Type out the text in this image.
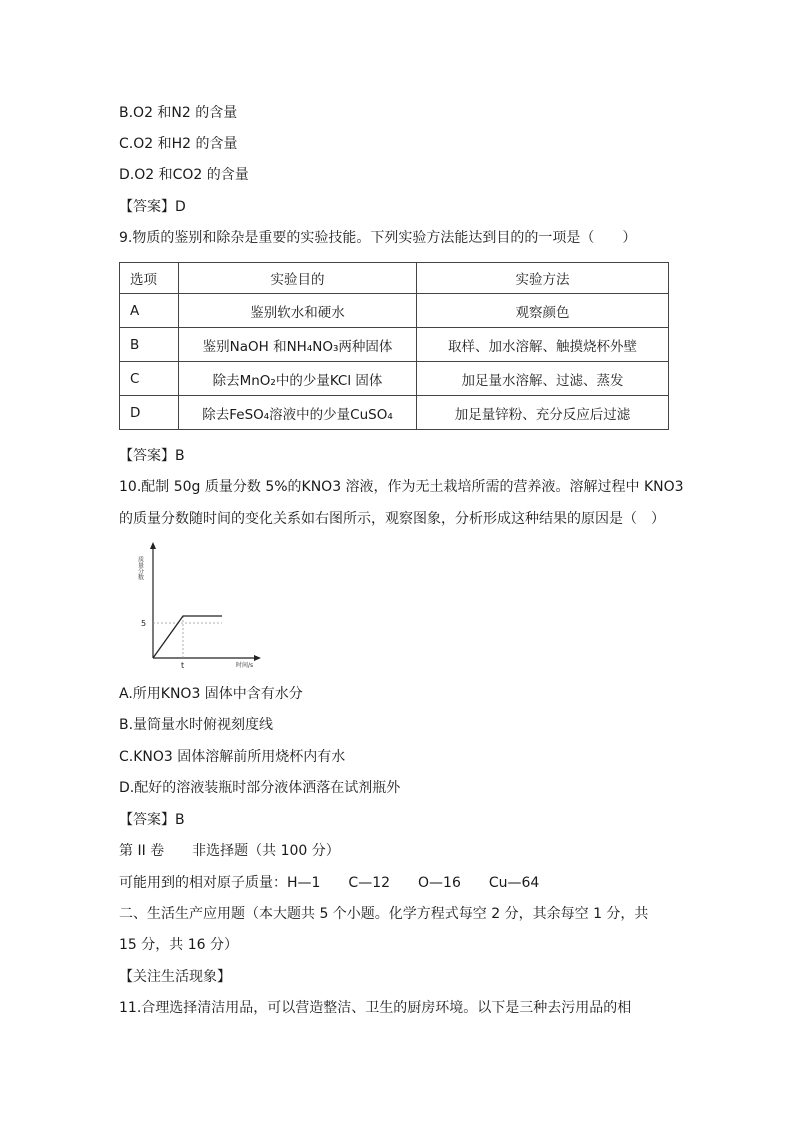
B.O2 和N2 的含量
C.O2 和H2 的含量
D.O2 和CO2 的含量
【答案】D
9.物质的鉴别和除杂是重要的实验技能。下列实验方法能达到目的的一项是（　　）
选项	实验目的	实验方法
A	鉴别软水和硬水	观察颜色
B	鉴别NaOH 和NH₄NO₃两种固体	取样、加水溶解、触摸烧杯外壁
C	除去MnO₂中的少量KCl 固体	加足量水溶解、过滤、蒸发
D	除去FeSO₄溶液中的少量CuSO₄	加足量锌粉、充分反应后过滤
【答案】B
10.配制 50g 质量分数 5%的KNO3 溶液，作为无土栽培所需的营养液。溶解过程中 KNO3
的质量分数随时间的变化关系如右图所示，观察图象，分析形成这种结果的原因是（　）
质量分数
5
t	时间/s
A.所用KNO3 固体中含有水分
B.量筒量水时俯视刻度线
C.KNO3 固体溶解前所用烧杯内有水
D.配好的溶液装瓶时部分液体洒落在试剂瓶外
【答案】B
第 II 卷　　非选择题（共 100 分）
可能用到的相对原子质量：H—1　　C—12　　O—16　　Cu—64
二、生活生产应用题（本大题共 5 个小题。化学方程式每空 2 分，其余每空 1 分，共
15 分，共 16 分）
【关注生活现象】
11.合理选择清洁用品，可以营造整洁、卫生的厨房环境。以下是三种去污用品的相
